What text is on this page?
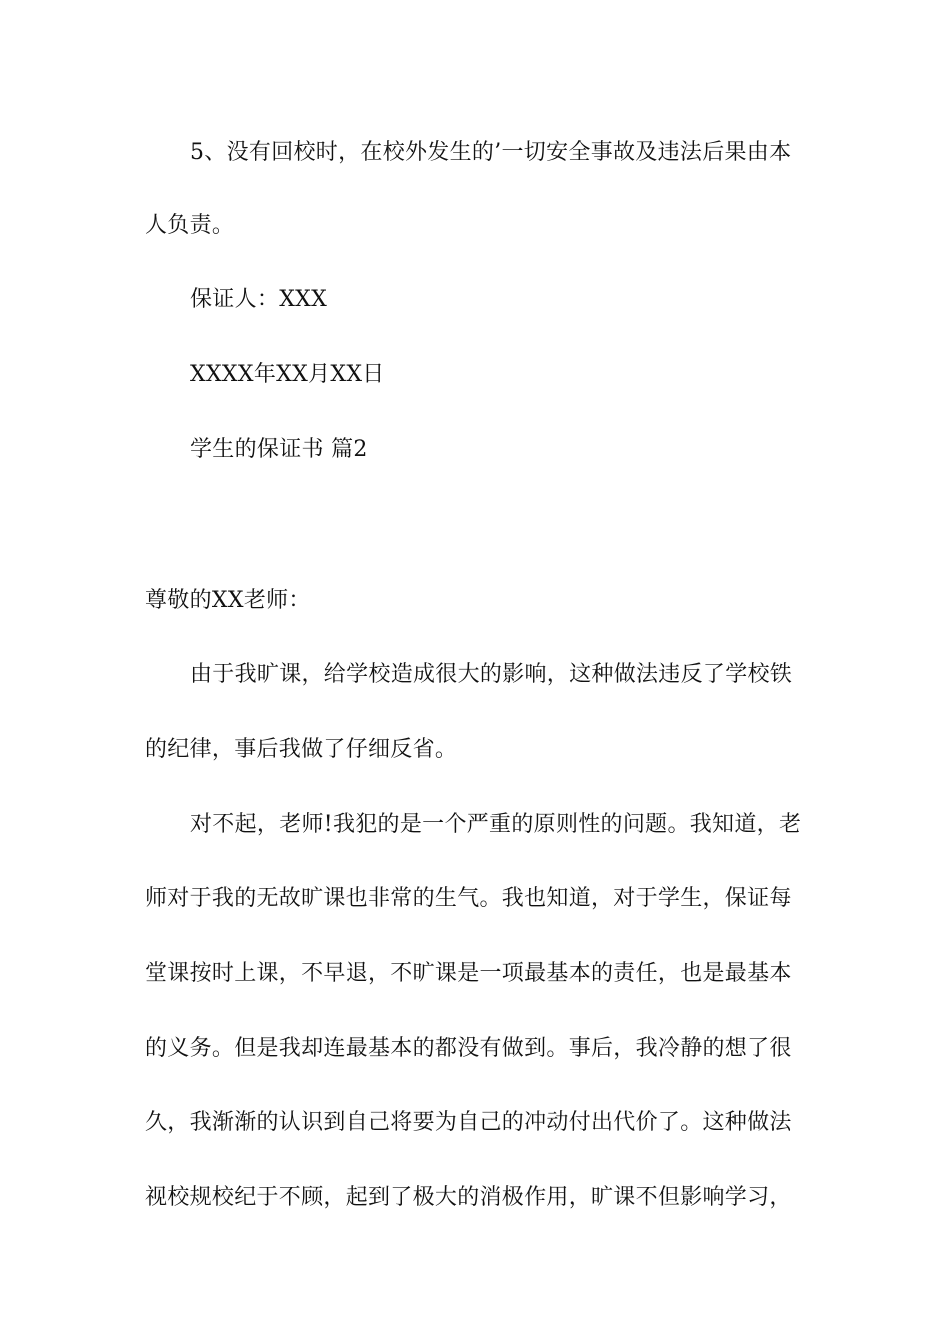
5、没有回校时，在校外发生的’一切安全事故及违法后果由本
人负责。
保证人：XXX
XXXX年XX月XX日
学生的保证书 篇2
尊敬的XX老师：
由于我旷课，给学校造成很大的影响，这种做法违反了学校铁
的纪律，事后我做了仔细反省。
对不起，老师!我犯的是一个严重的原则性的问题。我知道，老
师对于我的无故旷课也非常的生气。我也知道，对于学生，保证每
堂课按时上课，不早退，不旷课是一项最基本的责任，也是最基本
的义务。但是我却连最基本的都没有做到。事后，我冷静的想了很
久，我渐渐的认识到自己将要为自己的冲动付出代价了。这种做法
视校规校纪于不顾，起到了极大的消极作用，旷课不但影响学习，
